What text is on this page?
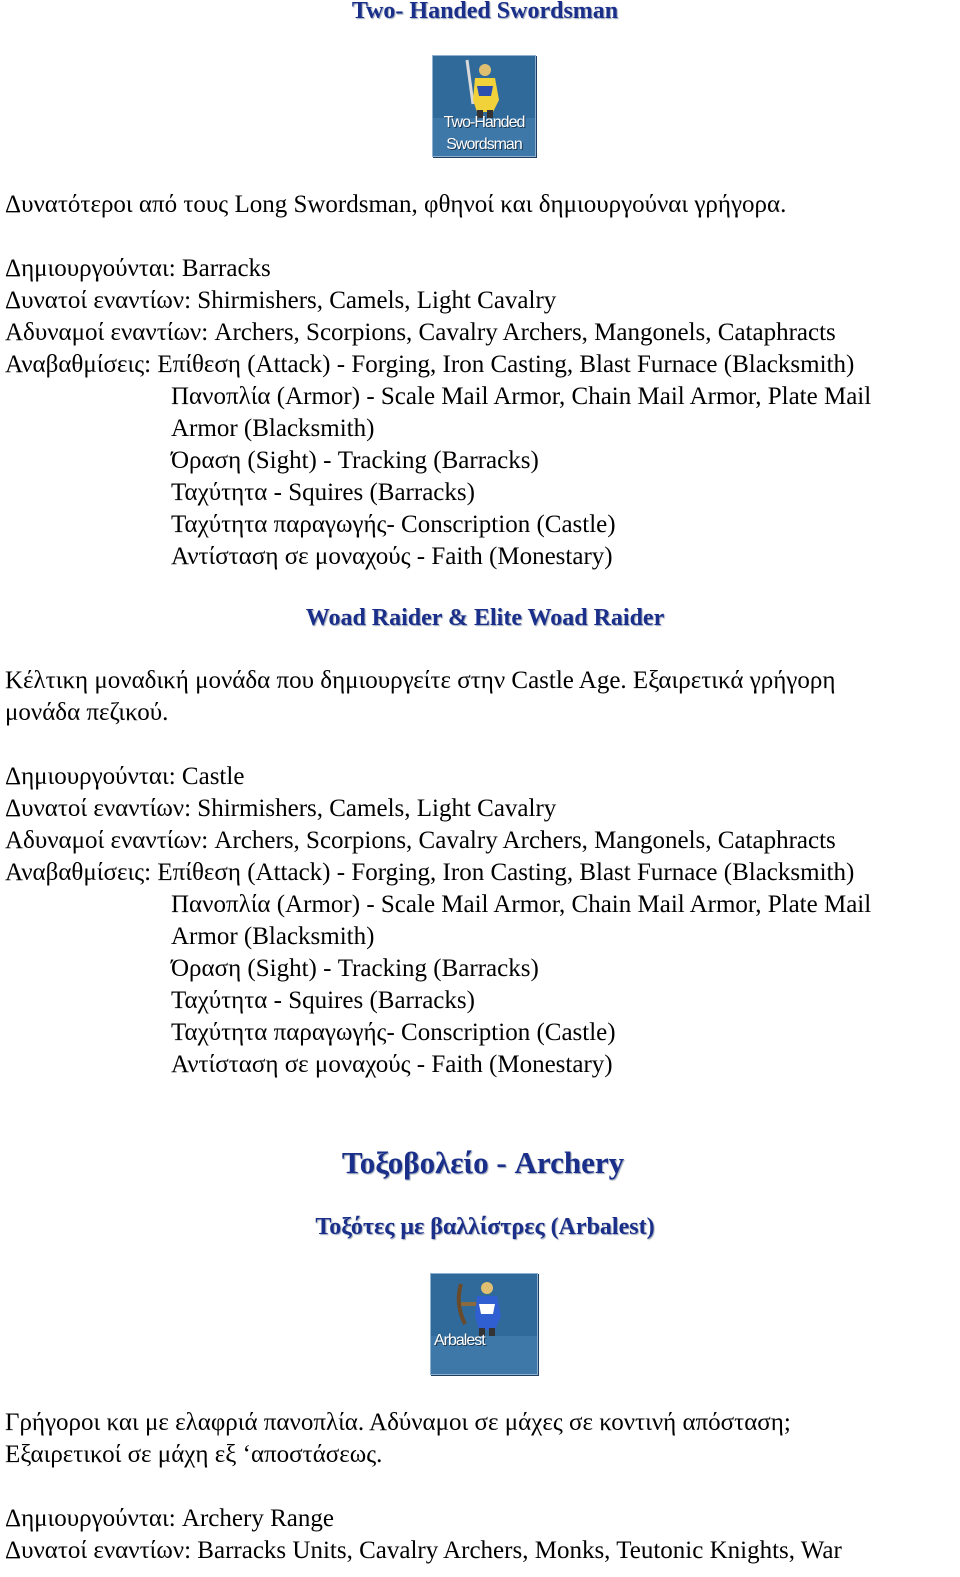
Two- Handed Swordsman
Two-Handed
Swordsman
Δυνατότεροι από τους Long Swordsman, φθηνοί και δημιουργούναι γρήγορα.
Δημιουργούνται: Barracks
Δυνατοί εναντίων: Shirmishers, Camels, Light Cavalry
Αδυναμοί εναντίων: Archers, Scorpions, Cavalry Archers, Mangonels, Cataphracts
Αναβαθμίσεις: Επίθεση (Attack) - Forging, Iron Casting, Blast Furnace (Blacksmith)
Πανοπλία (Armor) - Scale Mail Armor, Chain Mail Armor, Plate Mail
Armor (Blacksmith)
Όραση (Sight) - Tracking (Barracks)
Ταχύτητα - Squires (Barracks)
Ταχύτητα παραγωγής- Conscription (Castle)
Αντίσταση σε μοναχούς - Faith (Monestary)
Woad Raider & Elite Woad Raider
Κέλτικη μοναδική μονάδα που δημιουργείτε στην Castle Age. Εξαιρετικά γρήγορη
μονάδα πεζικού.
Δημιουργούνται: Castle
Δυνατοί εναντίων: Shirmishers, Camels, Light Cavalry
Αδυναμοί εναντίων: Archers, Scorpions, Cavalry Archers, Mangonels, Cataphracts
Αναβαθμίσεις: Επίθεση (Attack) - Forging, Iron Casting, Blast Furnace (Blacksmith)
Πανοπλία (Armor) - Scale Mail Armor, Chain Mail Armor, Plate Mail
Armor (Blacksmith)
Όραση (Sight) - Tracking (Barracks)
Ταχύτητα - Squires (Barracks)
Ταχύτητα παραγωγής- Conscription (Castle)
Αντίσταση σε μοναχούς - Faith (Monestary)
Τοξοβολείο - Archery
Τοξότες με βαλλίστρες (Arbalest)
Arbalest
Γρήγοροι και με ελαφριά πανοπλία. Αδύναμοι σε μάχες σε κοντινή απόσταση;
Εξαιρετικοί σε μάχη εξ ‘αποστάσεως.
Δημιουργούνται: Archery Range
Δυνατοί εναντίων: Barracks Units, Cavalry Archers, Monks, Teutonic Knights, War
